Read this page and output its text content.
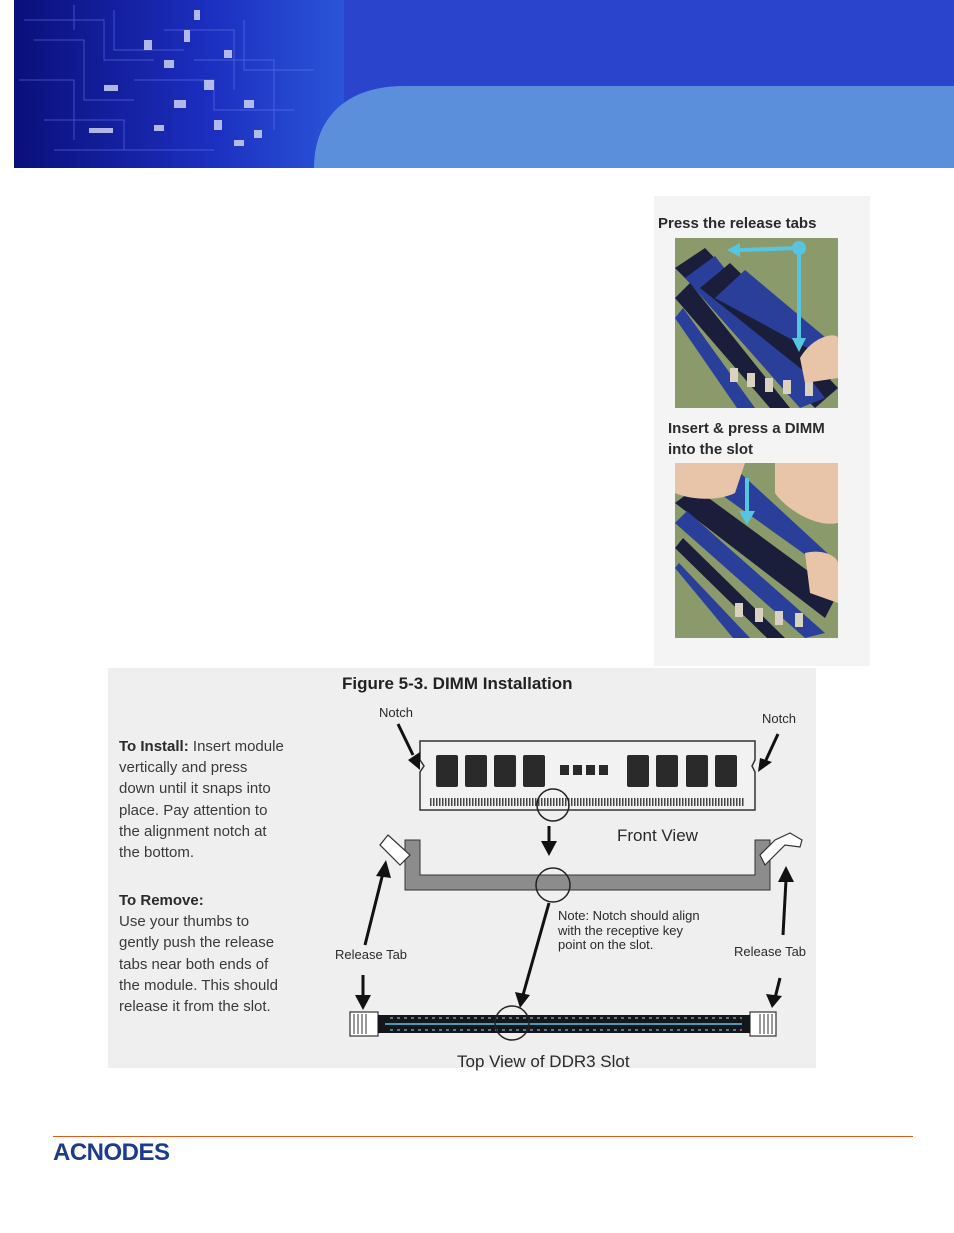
Press the release tabs
Insert & press a DIMM
into the slot
Figure 5-3. DIMM Installation
To Install: Insert module
vertically and press
down until it snaps into
place. Pay attention to
the alignment notch at
the bottom.
To Remove:
Use your thumbs to
gently push the release
tabs near both ends of
the module. This should
release it from the slot.
Notch	Notch
Front View
Release Tab	Release Tab
Top View of DDR3 Slot
Note: Notch should align
with the receptive key
point on the slot.
ACNODES
